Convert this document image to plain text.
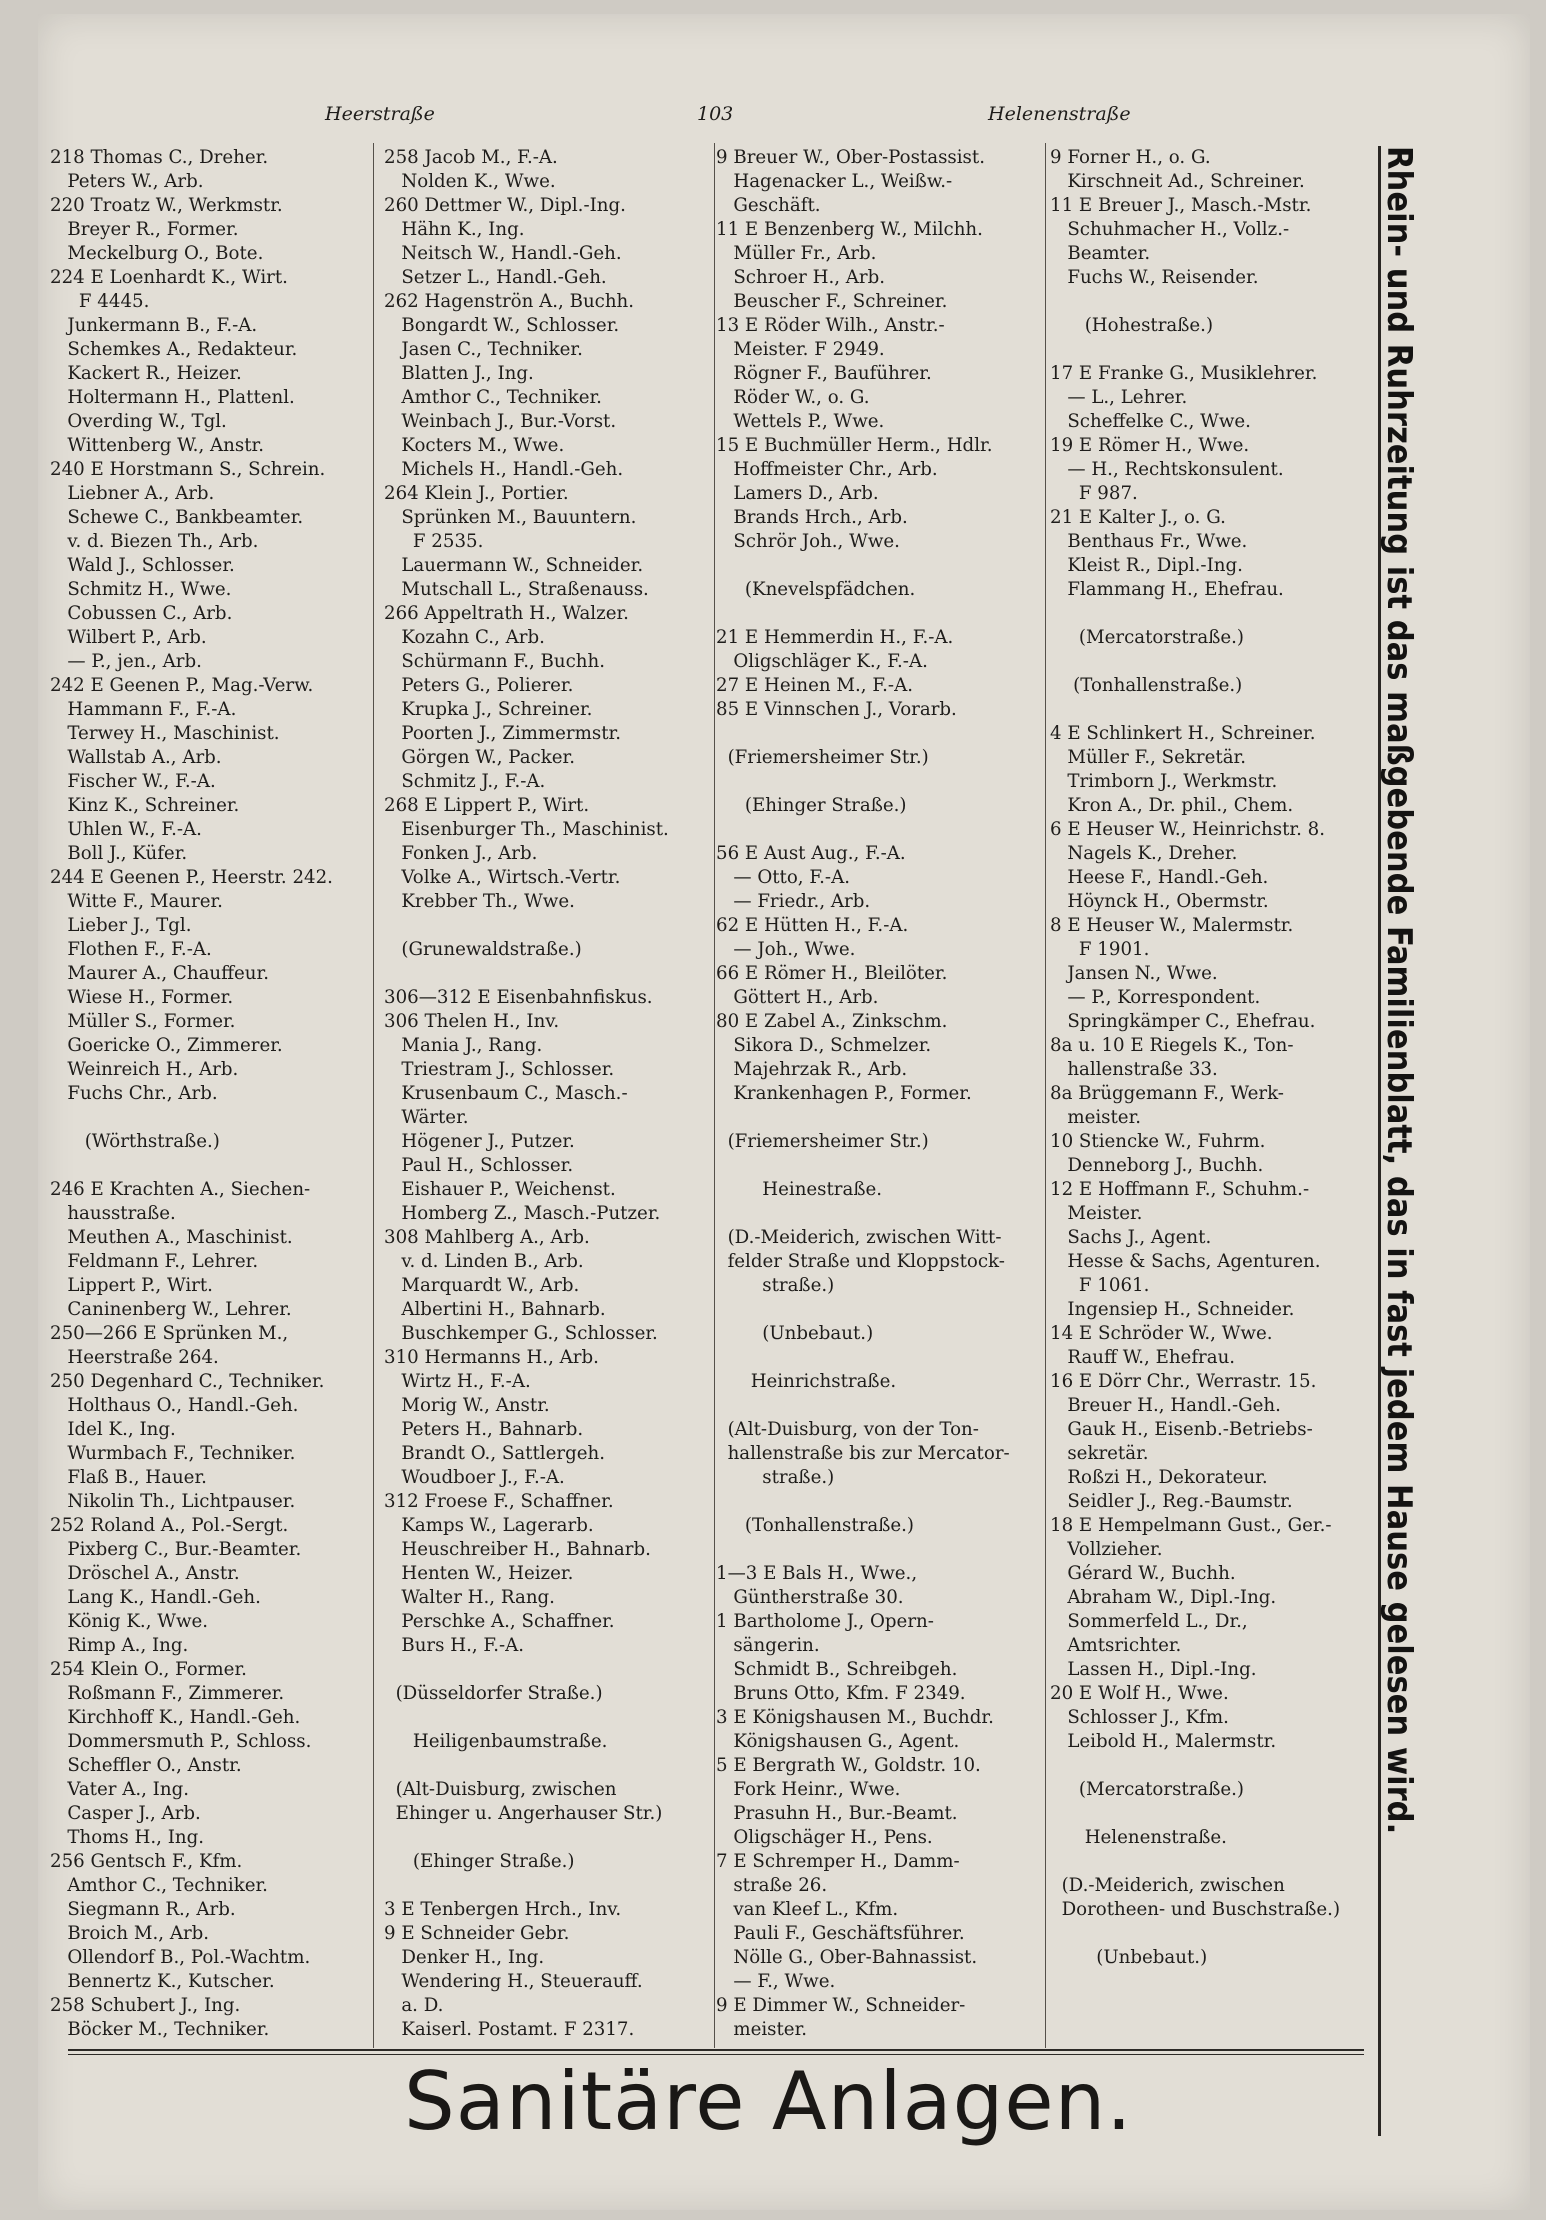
Heerstraße	103	Helenenstraße
218 Thomas C., Dreher.
Peters W., Arb.
220 Troatz W., Werkmstr.
Breyer R., Former.
Meckelburg O., Bote.
224 E Loenhardt K., Wirt.
F 4445.
Junkermann B., F.-A.
Schemkes A., Redakteur.
Kackert R., Heizer.
Holtermann H., Plattenl.
Overding W., Tgl.
Wittenberg W., Anstr.
240 E Horstmann S., Schrein.
Liebner A., Arb.
Schewe C., Bankbeamter.
v. d. Biezen Th., Arb.
Wald J., Schlosser.
Schmitz H., Wwe.
Cobussen C., Arb.
Wilbert P., Arb.
— P., jen., Arb.
242 E Geenen P., Mag.-Verw.
Hammann F., F.-A.
Terwey H., Maschinist.
Wallstab A., Arb.
Fischer W., F.-A.
Kinz K., Schreiner.
Uhlen W., F.-A.
Boll J., Küfer.
244 E Geenen P., Heerstr. 242.
Witte F., Maurer.
Lieber J., Tgl.
Flothen F., F.-A.
Maurer A., Chauffeur.
Wiese H., Former.
Müller S., Former.
Goericke O., Zimmerer.
Weinreich H., Arb.
Fuchs Chr., Arb.
(Wörthstraße.)
246 E Krachten A., Siechen-
hausstraße.
Meuthen A., Maschinist.
Feldmann F., Lehrer.
Lippert P., Wirt.
Caninenberg W., Lehrer.
250—266 E Sprünken M.,
Heerstraße 264.
250 Degenhard C., Techniker.
Holthaus O., Handl.-Geh.
Idel K., Ing.
Wurmbach F., Techniker.
Flaß B., Hauer.
Nikolin Th., Lichtpauser.
252 Roland A., Pol.-Sergt.
Pixberg C., Bur.-Beamter.
Dröschel A., Anstr.
Lang K., Handl.-Geh.
König K., Wwe.
Rimp A., Ing.
254 Klein O., Former.
Roßmann F., Zimmerer.
Kirchhoff K., Handl.-Geh.
Dommersmuth P., Schloss.
Scheffler O., Anstr.
Vater A., Ing.
Casper J., Arb.
Thoms H., Ing.
256 Gentsch F., Kfm.
Amthor C., Techniker.
Siegmann R., Arb.
Broich M., Arb.
Ollendorf B., Pol.-Wachtm.
Bennertz K., Kutscher.
258 Schubert J., Ing.
Böcker M., Techniker.
258 Jacob M., F.-A.
Nolden K., Wwe.
260 Dettmer W., Dipl.-Ing.
Hähn K., Ing.
Neitsch W., Handl.-Geh.
Setzer L., Handl.-Geh.
262 Hagenströn A., Buchh.
Bongardt W., Schlosser.
Jasen C., Techniker.
Blatten J., Ing.
Amthor C., Techniker.
Weinbach J., Bur.-Vorst.
Kocters M., Wwe.
Michels H., Handl.-Geh.
264 Klein J., Portier.
Sprünken M., Bauuntern.
F 2535.
Lauermann W., Schneider.
Mutschall L., Straßenauss.
266 Appeltrath H., Walzer.
Kozahn C., Arb.
Schürmann F., Buchh.
Peters G., Polierer.
Krupka J., Schreiner.
Poorten J., Zimmermstr.
Görgen W., Packer.
Schmitz J., F.-A.
268 E Lippert P., Wirt.
Eisenburger Th., Maschinist.
Fonken J., Arb.
Volke A., Wirtsch.-Vertr.
Krebber Th., Wwe.
(Grunewaldstraße.)
306—312 E Eisenbahnfiskus.
306 Thelen H., Inv.
Mania J., Rang.
Triestram J., Schlosser.
Krusenbaum C., Masch.-
Wärter.
Högener J., Putzer.
Paul H., Schlosser.
Eishauer P., Weichenst.
Homberg Z., Masch.-Putzer.
308 Mahlberg A., Arb.
v. d. Linden B., Arb.
Marquardt W., Arb.
Albertini H., Bahnarb.
Buschkemper G., Schlosser.
310 Hermanns H., Arb.
Wirtz H., F.-A.
Morig W., Anstr.
Peters H., Bahnarb.
Brandt O., Sattlergeh.
Woudboer J., F.-A.
312 Froese F., Schaffner.
Kamps W., Lagerarb.
Heuschreiber H., Bahnarb.
Henten W., Heizer.
Walter H., Rang.
Perschke A., Schaffner.
Burs H., F.-A.
(Düsseldorfer Straße.)
Heiligenbaumstraße.
(Alt-Duisburg, zwischen
Ehinger u. Angerhauser Str.)
(Ehinger Straße.)
3 E Tenbergen Hrch., Inv.
9 E Schneider Gebr.
Denker H., Ing.
Wendering H., Steuerauff.
a. D.
Kaiserl. Postamt. F 2317.
9 Breuer W., Ober-Postassist.
Hagenacker L., Weißw.-
Geschäft.
11 E Benzenberg W., Milchh.
Müller Fr., Arb.
Schroer H., Arb.
Beuscher F., Schreiner.
13 E Röder Wilh., Anstr.-
Meister. F 2949.
Rögner F., Bauführer.
Röder W., o. G.
Wettels P., Wwe.
15 E Buchmüller Herm., Hdlr.
Hoffmeister Chr., Arb.
Lamers D., Arb.
Brands Hrch., Arb.
Schrör Joh., Wwe.
(Knevelspfädchen.
21 E Hemmerdin H., F.-A.
Oligschläger K., F.-A.
27 E Heinen M., F.-A.
85 E Vinnschen J., Vorarb.
(Friemersheimer Str.)
(Ehinger Straße.)
56 E Aust Aug., F.-A.
— Otto, F.-A.
— Friedr., Arb.
62 E Hütten H., F.-A.
— Joh., Wwe.
66 E Römer H., Bleilöter.
Göttert H., Arb.
80 E Zabel A., Zinkschm.
Sikora D., Schmelzer.
Majehrzak R., Arb.
Krankenhagen P., Former.
(Friemersheimer Str.)
Heinestraße.
(D.-Meiderich, zwischen Witt-
felder Straße und Kloppstock-
straße.)
(Unbebaut.)
Heinrichstraße.
(Alt-Duisburg, von der Ton-
hallenstraße bis zur Mercator-
straße.)
(Tonhallenstraße.)
1—3 E Bals H., Wwe.,
Güntherstraße 30.
1 Bartholome J., Opern-
sängerin.
Schmidt B., Schreibgeh.
Bruns Otto, Kfm. F 2349.
3 E Königshausen M., Buchdr.
Königshausen G., Agent.
5 E Bergrath W., Goldstr. 10.
Fork Heinr., Wwe.
Prasuhn H., Bur.-Beamt.
Oligschäger H., Pens.
7 E Schremper H., Damm-
straße 26.
van Kleef L., Kfm.
Pauli F., Geschäftsführer.
Nölle G., Ober-Bahnassist.
— F., Wwe.
9 E Dimmer W., Schneider-
meister.
9 Forner H., o. G.
Kirschneit Ad., Schreiner.
11 E Breuer J., Masch.-Mstr.
Schuhmacher H., Vollz.-
Beamter.
Fuchs W., Reisender.
(Hohestraße.)
17 E Franke G., Musiklehrer.
— L., Lehrer.
Scheffelke C., Wwe.
19 E Römer H., Wwe.
— H., Rechtskonsulent.
F 987.
21 E Kalter J., o. G.
Benthaus Fr., Wwe.
Kleist R., Dipl.-Ing.
Flammang H., Ehefrau.
(Mercatorstraße.)
(Tonhallenstraße.)
4 E Schlinkert H., Schreiner.
Müller F., Sekretär.
Trimborn J., Werkmstr.
Kron A., Dr. phil., Chem.
6 E Heuser W., Heinrichstr. 8.
Nagels K., Dreher.
Heese F., Handl.-Geh.
Höynck H., Obermstr.
8 E Heuser W., Malermstr.
F 1901.
Jansen N., Wwe.
— P., Korrespondent.
Springkämper C., Ehefrau.
8a u. 10 E Riegels K., Ton-
hallenstraße 33.
8a Brüggemann F., Werk-
meister.
10 Stiencke W., Fuhrm.
Denneborg J., Buchh.
12 E Hoffmann F., Schuhm.-
Meister.
Sachs J., Agent.
Hesse & Sachs, Agenturen.
F 1061.
Ingensiep H., Schneider.
14 E Schröder W., Wwe.
Rauff W., Ehefrau.
16 E Dörr Chr., Werrastr. 15.
Breuer H., Handl.-Geh.
Gauk H., Eisenb.-Betriebs-
sekretär.
Roßzi H., Dekorateur.
Seidler J., Reg.-Baumstr.
18 E Hempelmann Gust., Ger.-
Vollzieher.
Gérard W., Buchh.
Abraham W., Dipl.-Ing.
Sommerfeld L., Dr.,
Amtsrichter.
Lassen H., Dipl.-Ing.
20 E Wolf H., Wwe.
Schlosser J., Kfm.
Leibold H., Malermstr.
(Mercatorstraße.)
Helenenstraße.
(D.-Meiderich, zwischen
Dorotheen- und Buschstraße.)
(Unbebaut.)
Sanitäre Anlagen.
Rhein- und Ruhrzeitung ist das maßgebende Familienblatt, das in fast jedem Hause gelesen wird.
